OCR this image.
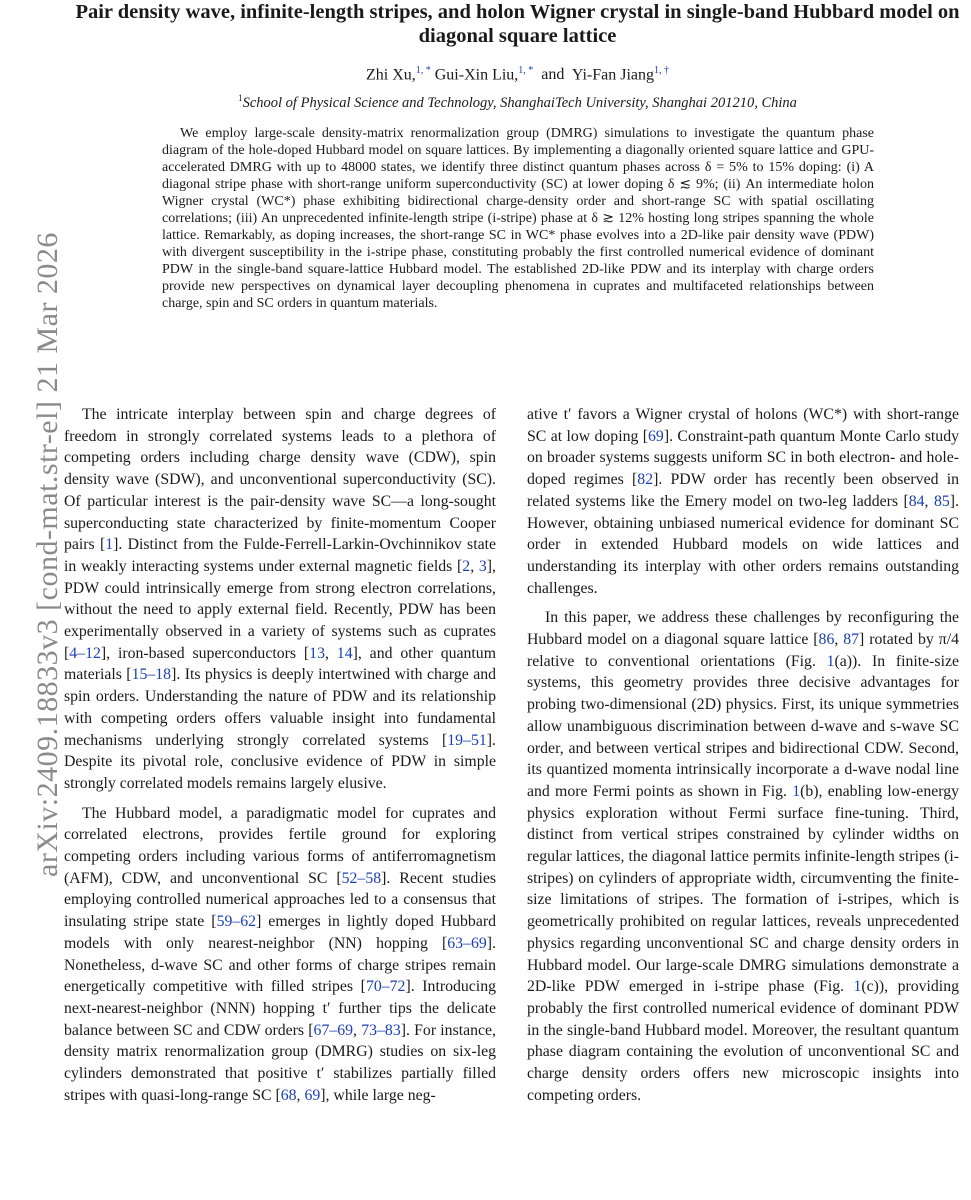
arXiv:2409.18833v3 [cond-mat.str-el] 21 Mar 2026
Pair density wave, infinite-length stripes, and holon Wigner crystal in single-band Hubbard model on diagonal square lattice
Zhi Xu,$^{1, *}$ Gui-Xin Liu,$^{1, *}$ and Yi-Fan Jiang$^{1, \dagger}$
$^1$School of Physical Science and Technology, ShanghaiTech University, Shanghai 201210, China

We employ large-scale density-matrix renormalization group (DMRG) simulations to investigate the quantum phase diagram of the hole-doped Hubbard model on square lattices. By implementing a diagonally oriented square lattice and GPU-accelerated DMRG with up to 48000 states, we identify three distinct quantum phases across δ = 5% to 15% doping: (i) A diagonal stripe phase with short-range uniform superconductivity (SC) at lower doping δ ≲ 9%; (ii) An intermediate holon Wigner crystal (WC*) phase exhibiting bidirectional charge-density order and short-range SC with spatial oscillating correlations; (iii) An unprecedented infinite-length stripe (i-stripe) phase at δ ≳ 12% hosting long stripes spanning the whole lattice. Remarkably, as doping increases, the short-range SC in WC* phase evolves into a 2D-like pair density wave (PDW) with divergent susceptibility in the i-stripe phase, constituting probably the first controlled numerical evidence of dominant PDW in the single-band square-lattice Hubbard model. The established 2D-like PDW and its interplay with charge orders provide new perspectives on dynamical layer decoupling phenomena in cuprates and multifaceted relationships between charge, spin and SC orders in quantum materials.

The intricate interplay between spin and charge degrees of freedom in strongly correlated systems leads to a plethora of competing orders including charge density wave (CDW), spin density wave (SDW), and unconventional superconductivity (SC). Of particular interest is the pair-density wave SC—a long-sought superconducting state characterized by finite-momentum Cooper pairs [1]. Distinct from the Fulde-Ferrell-Larkin-Ovchinnikov state in weakly interacting systems under external magnetic fields [2, 3], PDW could intrinsically emerge from strong electron correlations, without the need to apply external field. Recently, PDW has been experimentally observed in a variety of systems such as cuprates [4–12], iron-based superconductors [13, 14], and other quantum materials [15–18]. Its physics is deeply intertwined with charge and spin orders. Understanding the nature of PDW and its relationship with competing orders offers valuable insight into fundamental mechanisms underlying strongly correlated systems [19–51]. Despite its pivotal role, conclusive evidence of PDW in simple strongly correlated models remains largely elusive.

The Hubbard model, a paradigmatic model for cuprates and correlated electrons, provides fertile ground for exploring competing orders including various forms of antiferromagnetism (AFM), CDW, and unconventional SC [52–58]. Recent studies employing controlled numerical approaches led to a consensus that insulating stripe state [59–62] emerges in lightly doped Hubbard models with only nearest-neighbor (NN) hopping [63–69]. Nonetheless, d-wave SC and other forms of charge stripes remain energetically competitive with filled stripes [70–72]. Introducing next-nearest-neighbor (NNN) hopping t′ further tips the delicate balance between SC and CDW orders [67–69, 73–83]. For instance, density matrix renormalization group (DMRG) studies on six-leg cylinders demonstrated that positive t′ stabilizes partially filled stripes with quasi-long-range SC [68, 69], while large neg-

ative t′ favors a Wigner crystal of holons (WC*) with short-range SC at low doping [69]. Constraint-path quantum Monte Carlo study on broader systems suggests uniform SC in both electron- and hole-doped regimes [82]. PDW order has recently been observed in related systems like the Emery model on two-leg ladders [84, 85]. However, obtaining unbiased numerical evidence for dominant SC order in extended Hubbard models on wide lattices and understanding its interplay with other orders remains outstanding challenges.

In this paper, we address these challenges by reconfiguring the Hubbard model on a diagonal square lattice [86, 87] rotated by π/4 relative to conventional orientations (Fig. 1(a)). In finite-size systems, this geometry provides three decisive advantages for probing two-dimensional (2D) physics. First, its unique symmetries allow unambiguous discrimination between d-wave and s-wave SC order, and between vertical stripes and bidirectional CDW. Second, its quantized momenta intrinsically incorporate a d-wave nodal line and more Fermi points as shown in Fig. 1(b), enabling low-energy physics exploration without Fermi surface fine-tuning. Third, distinct from vertical stripes constrained by cylinder widths on regular lattices, the diagonal lattice permits infinite-length stripes (i-stripes) on cylinders of appropriate width, circumventing the finite-size limitations of stripes. The formation of i-stripes, which is geometrically prohibited on regular lattices, reveals unprecedented physics regarding unconventional SC and charge density orders in Hubbard model. Our large-scale DMRG simulations demonstrate a 2D-like PDW emerged in i-stripe phase (Fig. 1(c)), providing probably the first controlled numerical evidence of dominant PDW in the single-band Hubbard model. Moreover, the resultant quantum phase diagram containing the evolution of unconventional SC and charge density orders offers new microscopic insights into competing orders.
